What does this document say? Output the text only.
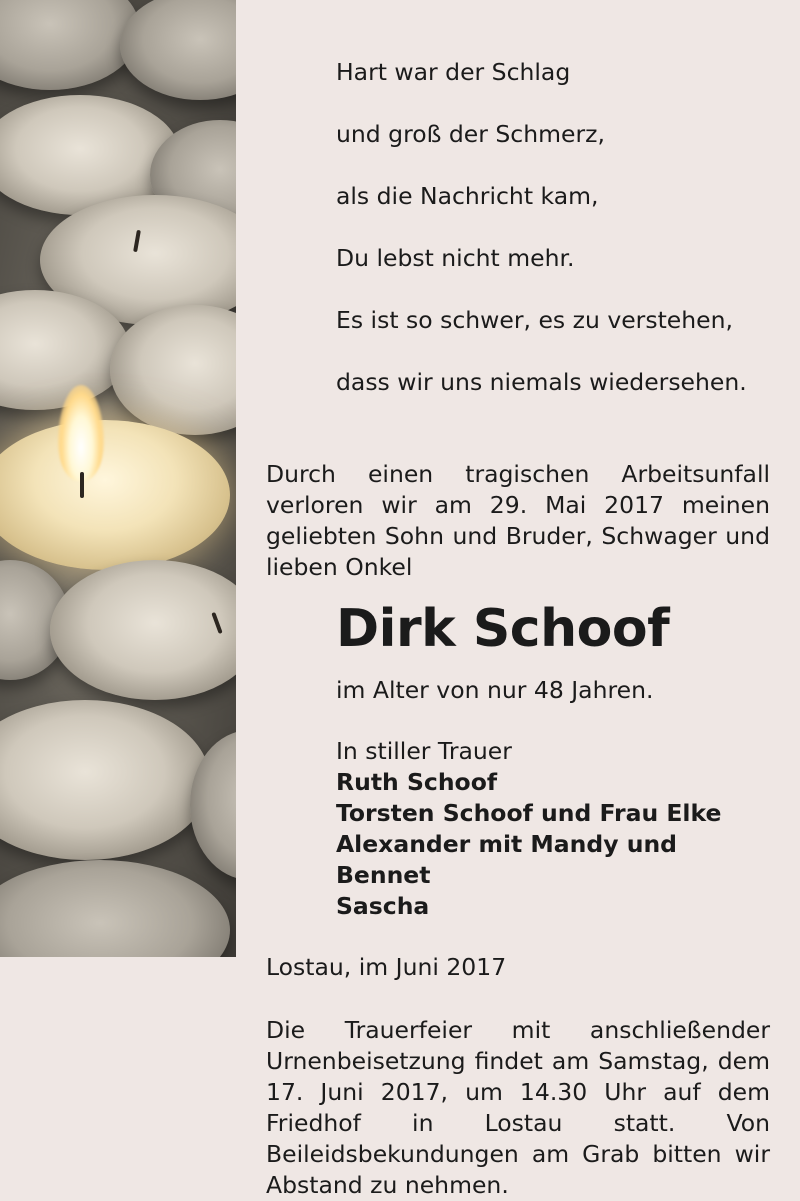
Hart war der Schlag

und groß der Schmerz,

als die Nachricht kam,

Du lebst nicht mehr.

Es ist so schwer, es zu verstehen,

dass wir uns niemals wiedersehen.

Durch einen tragischen Arbeitsunfall verloren wir am 29. Mai 2017 meinen geliebten Sohn und Bruder, Schwager und lieben Onkel
Dirk Schoof
im Alter von nur 48 Jahren.
In stiller Trauer
Ruth Schoof
Torsten Schoof und Frau Elke
Alexander mit Mandy und Bennet
Sascha
Lostau, im Juni 2017
Die Trauerfeier mit anschließender Urnenbeisetzung findet am Samstag, dem 17. Juni 2017, um 14.30 Uhr auf dem Friedhof in Lostau statt. Von Beileidsbekundungen am Grab bitten wir Abstand zu nehmen.
